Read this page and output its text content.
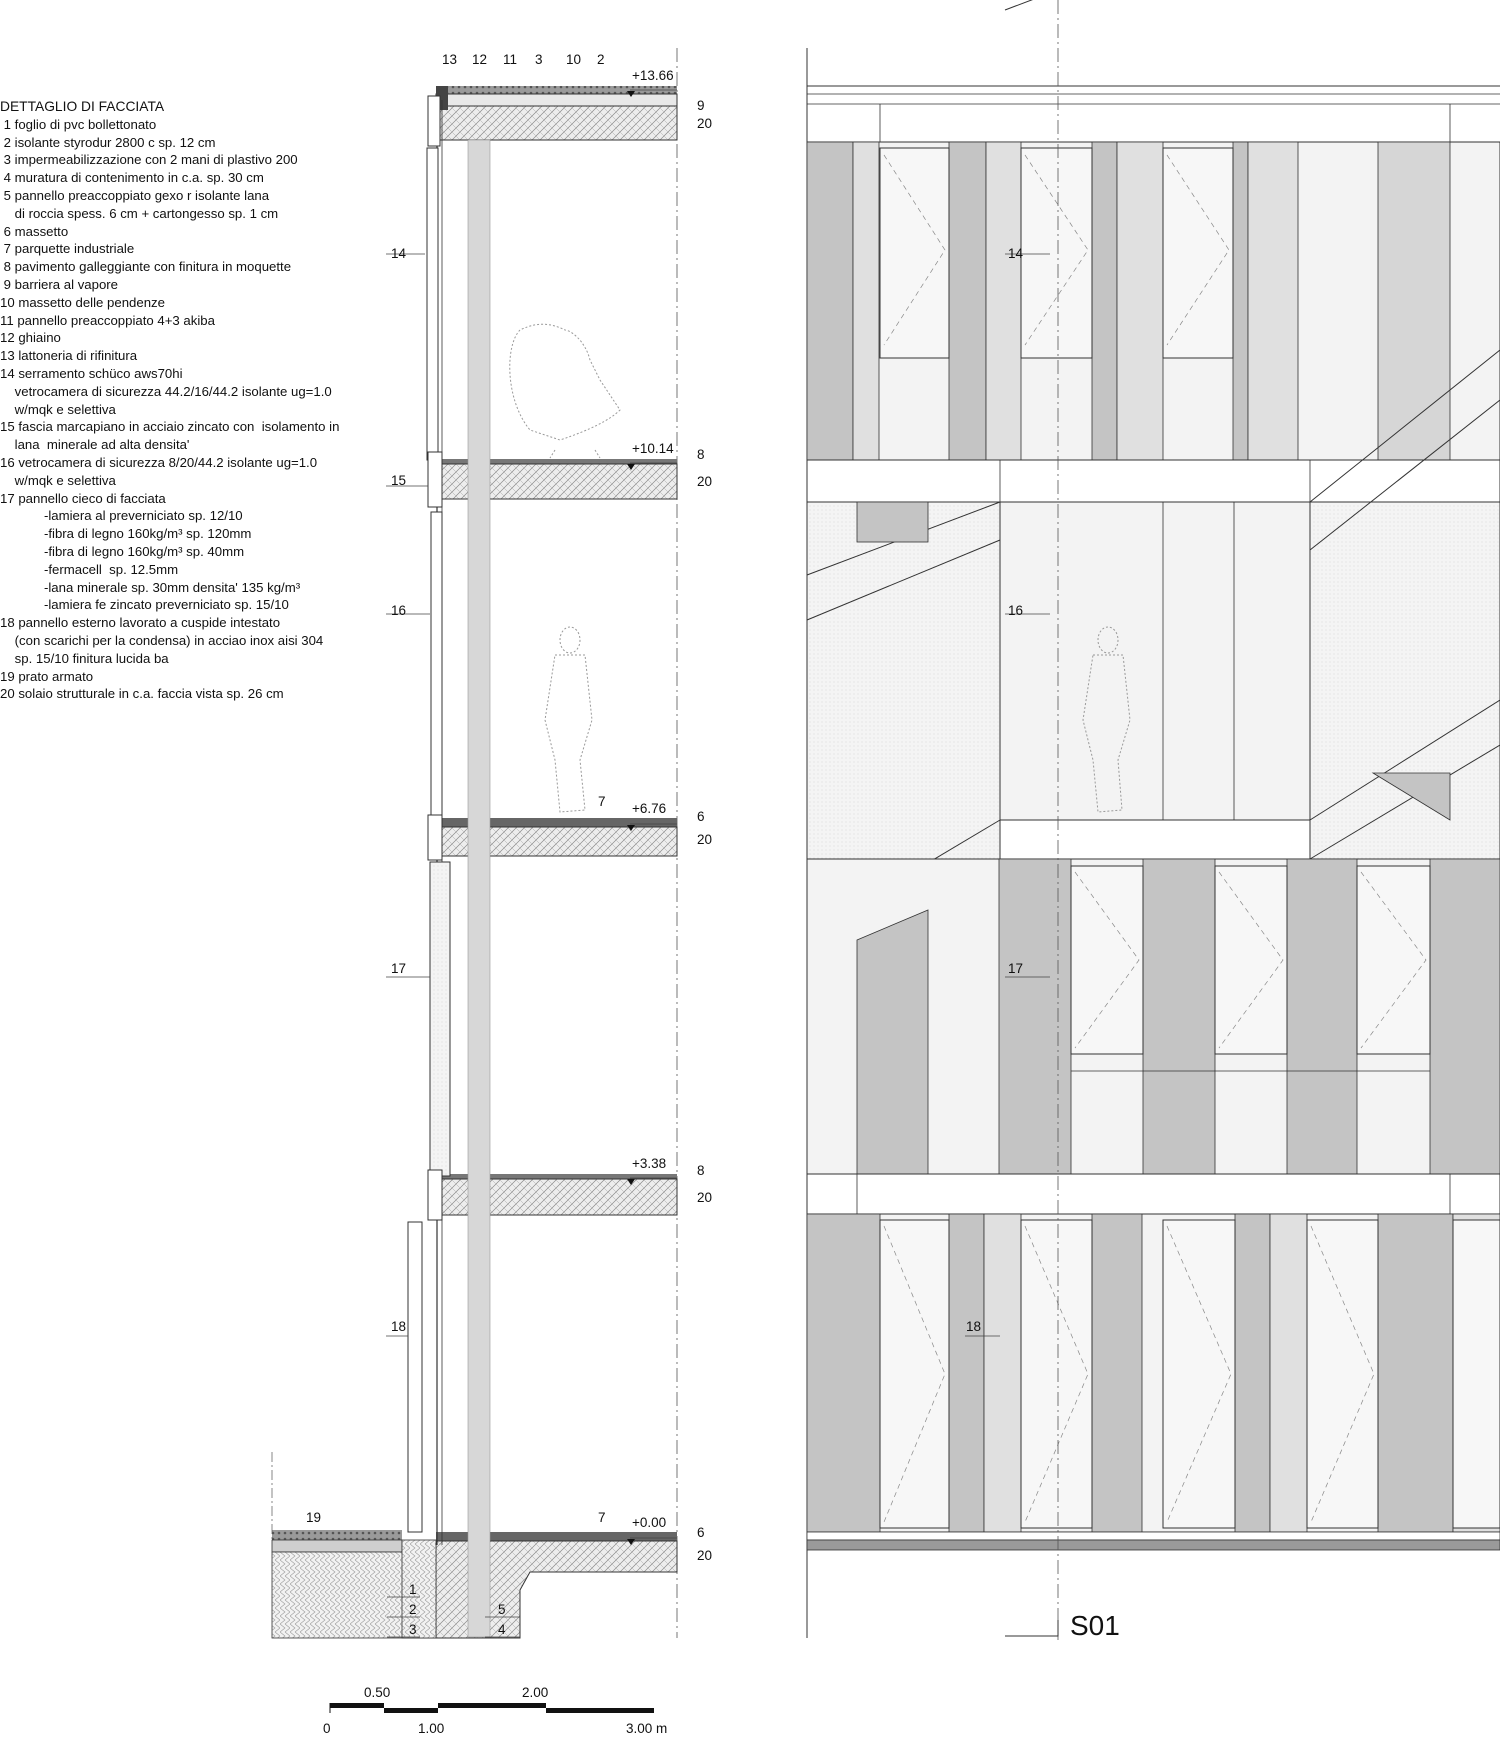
DETTAGLIO DI FACCIATA
1 foglio di pvc bollettonato
2 isolante styrodur 2800 c sp. 12 cm
3 impermeabilizzazione con 2 mani di plastivo 200
4 muratura di contenimento in c.a. sp. 30 cm
5 pannello preaccoppiato gexo r isolante lana
di roccia spess. 6 cm + cartongesso sp. 1 cm
6 massetto
7 parquette industriale
8 pavimento galleggiante con finitura in moquette
9 barriera al vapore
10 massetto delle pendenze
11 pannello preaccoppiato 4+3 akiba
12 ghiaino
13 lattoneria di rifinitura
14 serramento schüco aws70hi
vetrocamera di sicurezza 44.2/16/44.2 isolante ug=1.0
w/mqk e selettiva
15 fascia marcapiano in acciaio zincato con  isolamento in
lana  minerale ad alta densita'
16 vetrocamera di sicurezza 8/20/44.2 isolante ug=1.0
w/mqk e selettiva
17 pannello cieco di facciata
-lamiera al preverniciato sp. 12/10
-fibra di legno 160kg/m³ sp. 120mm
-fibra di legno 160kg/m³ sp. 40mm
-fermacell  sp. 12.5mm
-lana minerale sp. 30mm densita' 135 kg/m³
-lamiera fe zincato preverniciato sp. 15/10
18 pannello esterno lavorato a cuspide intestato
(con scarichi per la condensa) in acciao inox aisi 304
sp. 15/10 finitura lucida ba
19 prato armato
20 solaio strutturale in c.a. faccia vista sp. 26 cm
13 12 11 3 10 2
+13.66
+10.14
+6.76
+3.38
+0.00
9
20
8
20
6
20
8
20
6
20
14
15
16
17
18
7
7
19
1
2
3
5
4
14
16
17
18
S01
0.50	2.00
0	1.00	3.00 m
